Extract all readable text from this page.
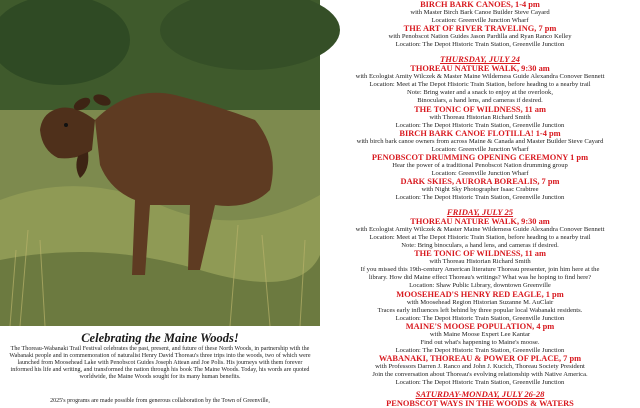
Celebrating the Maine Woods!
The Thoreau-Wabanaki Trail Festival celebrates the past, present, and future of these North Woods, in partnership with the Wabanaki people and in commemoration of naturalist Henry David Thoreau's three trips into the woods, two of which were launched from Moosehead Lake with Penobscot Guides Joseph Attean and Joe Polis. His journeys with them forever informed his life and writing, and transformed the nation through his book The Maine Woods. Today, his words are quoted worldwide, the Maine Woods sought for its many human benefits.
2025's programs are made possible from generous collaboration by the Town of Greenville,
BIRCH BARK CANOES, 1-4 pm
with Master Birch Bark Canoe Builder Steve Cayard
Location: Greenville Junction Wharf
THE ART OF RIVER TRAVELING, 7 pm
with Penobscot Nation Guides Jason Pardilla and Ryan Ranco Kelley
Location: The Depot Historic Train Station, Greenville Junction
THURSDAY, JULY 24
THOREAU NATURE WALK, 9:30 am
with Ecologist Amity Wilczek & Master Maine Wilderness Guide Alexandra Conover Bennett
Location: Meet at The Depot Historic Train Station, before heading to a nearby trail
Note: Bring water and a snack to enjoy at the overlook,
Binoculars, a hand lens, and cameras if desired.
THE TONIC OF WILDNESS, 11 am
with Thoreau Historian Richard Smith
Location: The Depot Historic Train Station, Greenville Junction
BIRCH BARK CANOE FLOTILLA! 1-4 pm
with birch bark canoe owners from across Maine & Canada and Master Builder Steve Cayard
Location: Greenville Junction Wharf
PENOBSCOT DRUMMING OPENING CEREMONY 1 pm
Hear the power of a traditional Penobscot Nation drumming group
Location: Greenville Junction Wharf
DARK SKIES, AURORA BOREALIS, 7 pm
with Night Sky Photographer Isaac Crabtree
Location: The Depot Historic Train Station, Greenville Junction
FRIDAY, JULY 25
THOREAU NATURE WALK, 9:30 am
with Ecologist Amity Wilczek & Master Maine Wilderness Guide Alexandra Conover Bennett
Location: Meet at The Depot Historic Train Station, before heading to a nearby trail
Note: Bring binoculars, a hand lens, and cameras if desired.
THE TONIC OF WILDNESS, 11 am
with Thoreau Historian Richard Smith
If you missed this 19th-century American literature Thoreau presenter, join him here at the
library. How did Maine effect Thoreau's writings? What was he hoping to find here?
Location: Shaw Public Library, downtown Greenville
MOOSEHEAD'S HENRY RED EAGLE, 1 pm
with Moosehead Region Historian Suzanne M. AuClair
Traces early influences left behind by three popular local Wabanaki residents.
Location: The Depot Historic Train Station, Greenville Junction
MAINE'S MOOSE POPULATION, 4 pm
with Maine Moose Expert Lee Kantar
Find out what's happening to Maine's moose.
Location: The Depot Historic Train Station, Greenville Junction
WABANAKI, THOREAU & POWER OF PLACE, 7 pm
with Professors Darren J. Ranco and John J. Kucich, Thoreau Society President
Join the conversation about Thoreau's evolving relationship with Native America.
Location: The Depot Historic Train Station, Greenville Junction
SATURDAY-MONDAY, JULY 26-28
PENOBSCOT WAYS IN THE WOODS & WATERS
